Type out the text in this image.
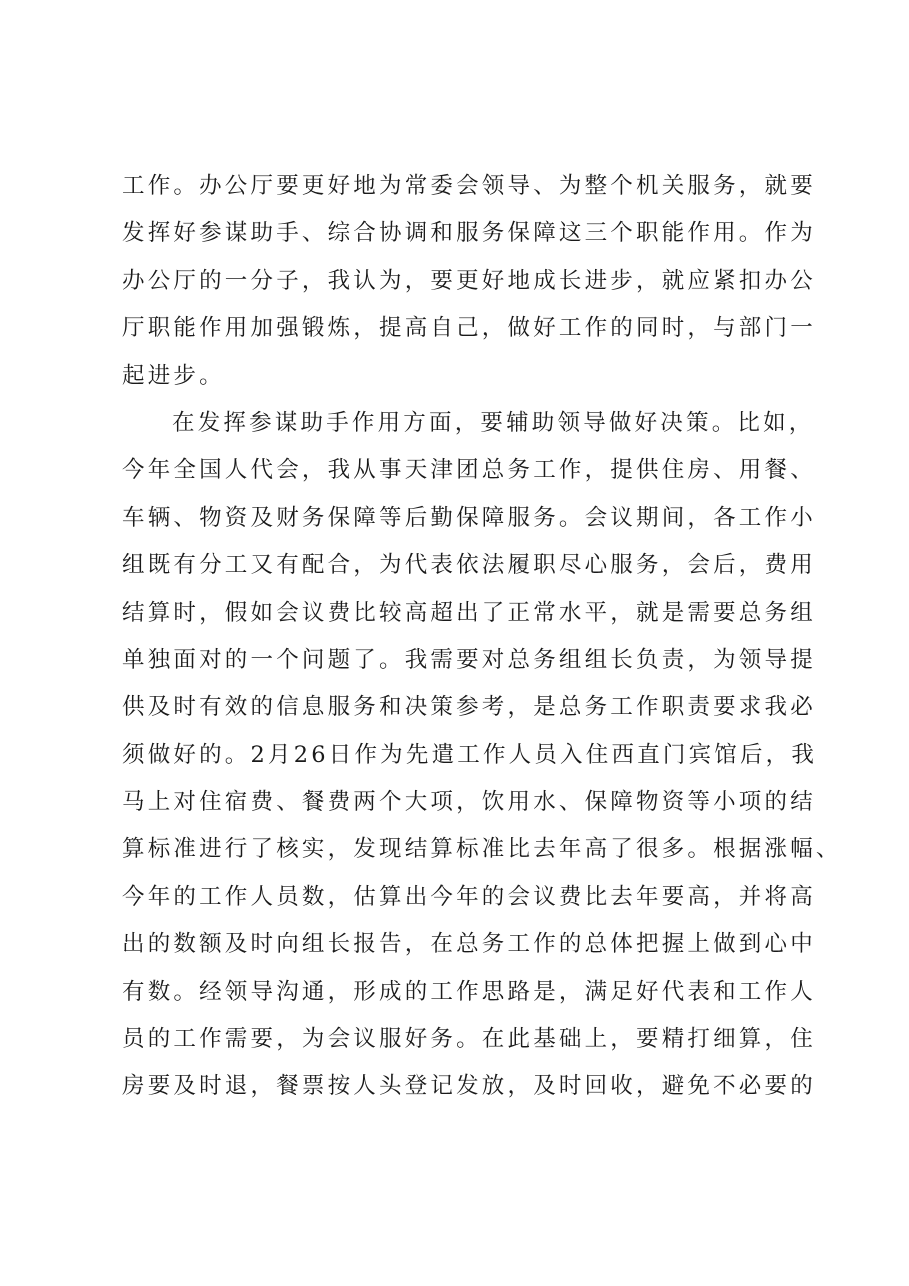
工作。办公厅要更好地为常委会领导、为整个机关服务，就要
发挥好参谋助手、综合协调和服务保障这三个职能作用。作为
办公厅的一分子，我认为，要更好地成长进步，就应紧扣办公
厅职能作用加强锻炼，提高自己，做好工作的同时，与部门一
起进步。
在发挥参谋助手作用方面，要辅助领导做好决策。比如，
今年全国人代会，我从事天津团总务工作，提供住房、用餐、
车辆、物资及财务保障等后勤保障服务。会议期间，各工作小
组既有分工又有配合，为代表依法履职尽心服务，会后，费用
结算时，假如会议费比较高超出了正常水平，就是需要总务组
单独面对的一个问题了。我需要对总务组组长负责，为领导提
供及时有效的信息服务和决策参考，是总务工作职责要求我必
须做好的。2月26日作为先遣工作人员入住西直门宾馆后，我
马上对住宿费、餐费两个大项，饮用水、保障物资等小项的结
算标准进行了核实，发现结算标准比去年高了很多。根据涨幅、
今年的工作人员数，估算出今年的会议费比去年要高，并将高
出的数额及时向组长报告，在总务工作的总体把握上做到心中
有数。经领导沟通，形成的工作思路是，满足好代表和工作人
员的工作需要，为会议服好务。在此基础上，要精打细算，住
房要及时退，餐票按人头登记发放，及时回收，避免不必要的
